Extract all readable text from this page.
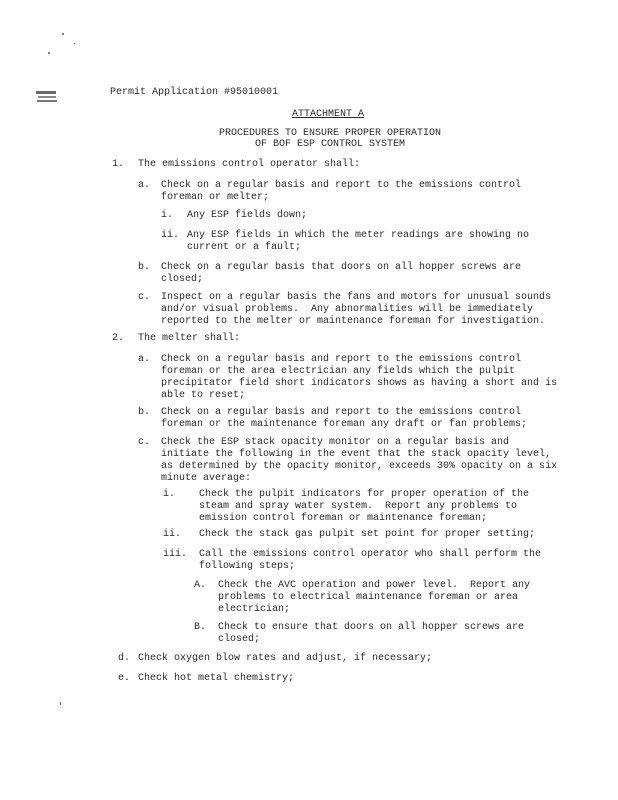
Permit Application #95010001
ATTACHMENT A
PROCEDURES TO ENSURE PROPER OPERATION
OF BOF ESP CONTROL SYSTEM
1. The emissions control operator shall:
a. Check on a regular basis and report to the emissions control
foreman or melter;
i. Any ESP fields down;
ii. Any ESP fields in which the meter readings are showing no
current or a fault;
b. Check on a regular basis that doors on all hopper screws are
closed;
c. Inspect on a regular basis the fans and motors for unusual sounds
and/or visual problems.  Any abnormalities will be immediately
reported to the melter or maintenance foreman for investigation.
2. The melter shall:
a. Check on a regular basis and report to the emissions control
foreman or the area electrician any fields which the pulpit
precipitator field short indicators shows as having a short and is
able to reset;
b. Check on a regular basis and report to the emissions control
foreman or the maintenance foreman any draft or fan problems;
c. Check the ESP stack opacity monitor on a regular basis and
initiate the following in the event that the stack opacity level,
as determined by the opacity monitor, exceeds 30% opacity on a six
minute average:
i. Check the pulpit indicators for proper operation of the
steam and spray water system.  Report any problems to
emission control foreman or maintenance foreman;
ii. Check the stack gas pulpit set point for proper setting;
iii. Call the emissions control operator who shall perform the
following steps;
A. Check the AVC operation and power level.  Report any
problems to electrical maintenance foreman or area
electrician;
B. Check to ensure that doors on all hopper screws are
closed;
d. Check oxygen blow rates and adjust, if necessary;
e. Check hot metal chemistry;
